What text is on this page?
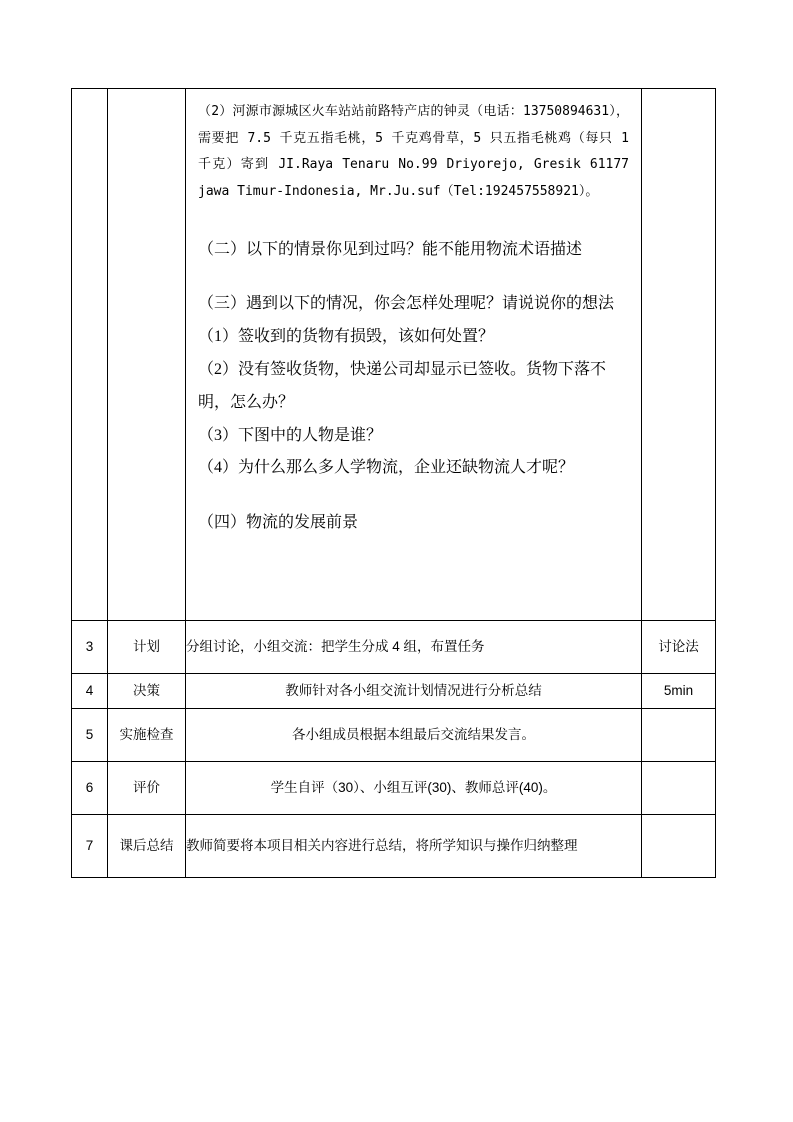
（2）河源市源城区火车站站前路特产店的钟灵（电话：13750894631），需要把 7.5 千克五指毛桃，5 千克鸡骨草，5 只五指毛桃鸡（每只 1 千克）寄到 JI.Raya Tenaru No.99 Driyorejo, Gresik 61177 jawa Timur-Indonesia, Mr.Ju.suf（Tel:192457558921）。

（二）以下的情景你见到过吗？能不能用物流术语描述

（三）遇到以下的情况，你会怎样处理呢？请说说你的想法

（1）签收到的货物有损毁，该如何处置？

（2）没有签收货物，快递公司却显示已签收。货物下落不明，怎么办？

（3）下图中的人物是谁？

（4）为什么那么多人学物流，企业还缺物流人才呢？

（四）物流的发展前景

3	计划	分组讨论，小组交流：把学生分成 4 组，布置任务	讨论法
4	决策	教师针对各小组交流计划情况进行分析总结	5min
5	实施检查	各小组成员根据本组最后交流结果发言。	
6	评价	学生自评（30）、小组互评(30)、教师总评(40)。	
7	课后总结	教师简要将本项目相关内容进行总结，将所学知识与操作归纳整理	
